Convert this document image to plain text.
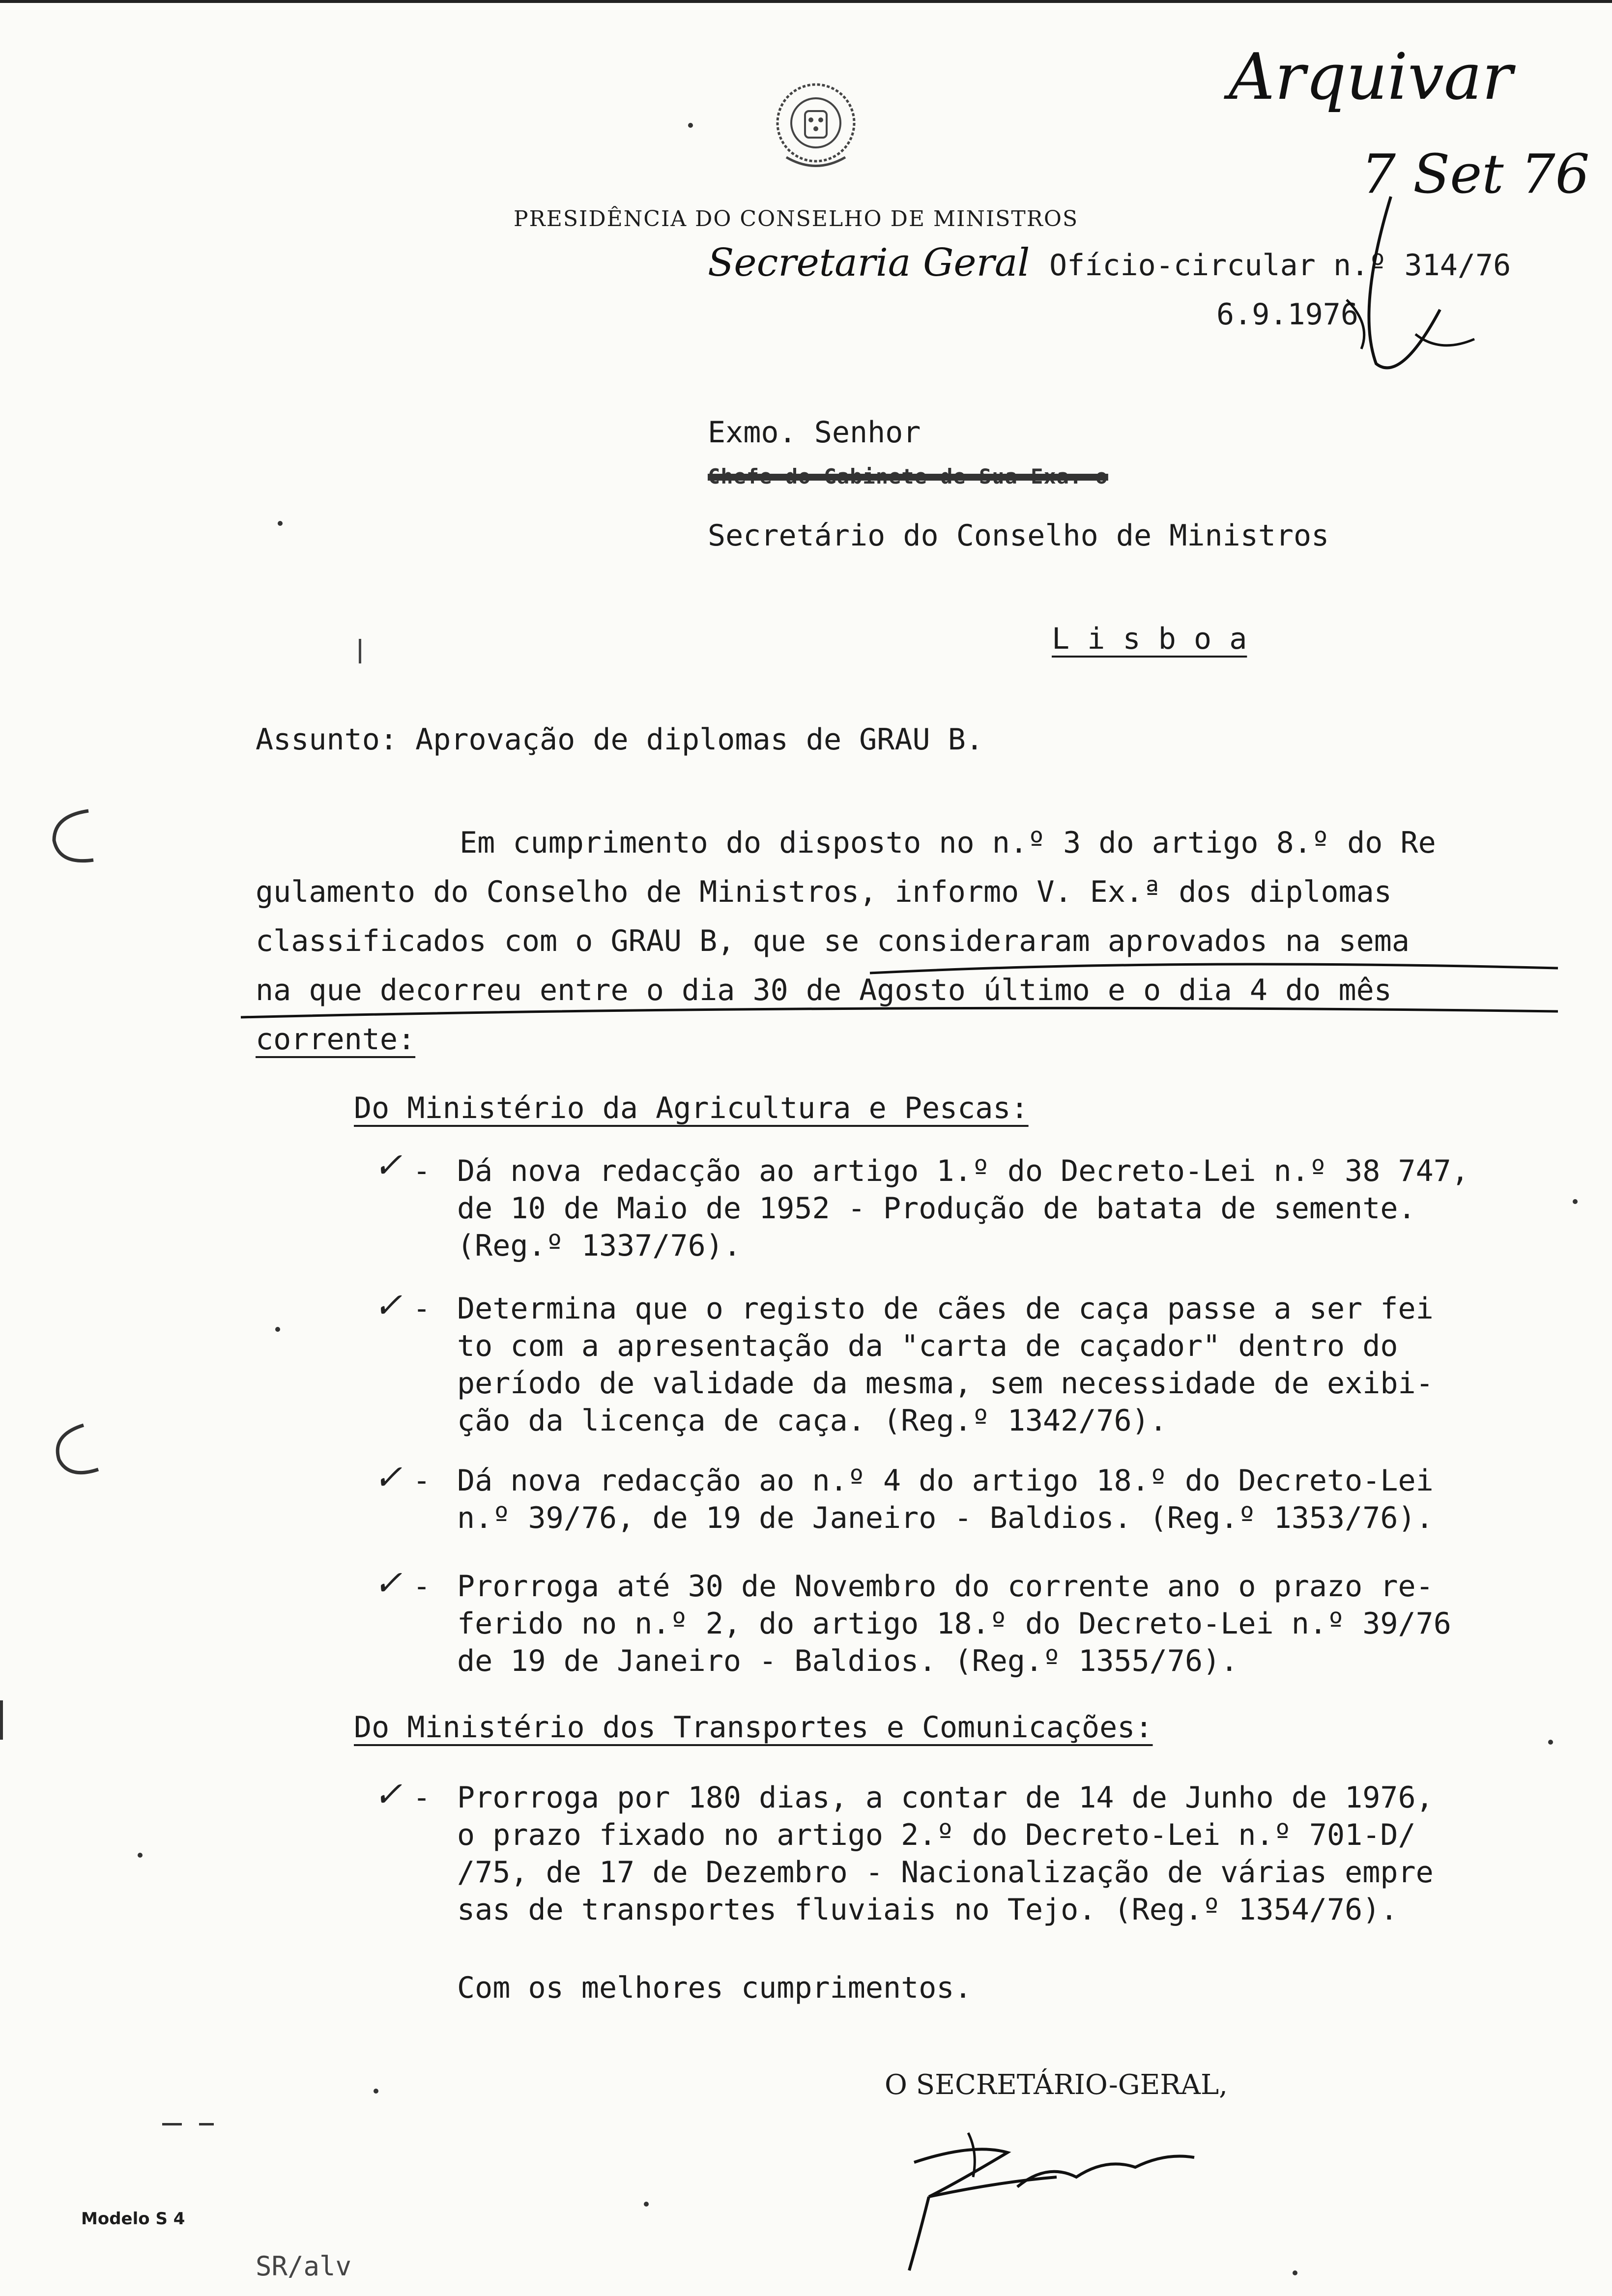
PRESIDÊNCIA DO CONSELHO DE MINISTROS
Secretaria Geral Ofício-circular n.º 314/76
6.9.1976
Arquivar
7 Set 76
Exmo. Senhor
Chefe do Gabinete de Sua Exa. o
Secretário do Conselho de Ministros
L i s b o a
Assunto: Aprovação de diplomas de GRAU B.
Em cumprimento do disposto no n.º 3 do artigo 8.º do Re
gulamento do Conselho de Ministros, informo V. Ex.ª dos diplomas
classificados com o GRAU B, que se consideraram aprovados na sema
na que decorreu entre o dia 30 de Agosto último e o dia 4 do mês
corrente:
Do Ministério da Agricultura e Pescas:
✓ - Dá nova redacção ao artigo 1.º do Decreto-Lei n.º 38 747,
de 10 de Maio de 1952 - Produção de batata de semente.
(Reg.º 1337/76).
✓ - Determina que o registo de cães de caça passe a ser fei
to com a apresentação da "carta de caçador" dentro do
período de validade da mesma, sem necessidade de exibi-
ção da licença de caça. (Reg.º 1342/76).
✓ - Dá nova redacção ao n.º 4 do artigo 18.º do Decreto-Lei
n.º 39/76, de 19 de Janeiro - Baldios. (Reg.º 1353/76).
✓ - Prorroga até 30 de Novembro do corrente ano o prazo re-
ferido no n.º 2, do artigo 18.º do Decreto-Lei n.º 39/76
de 19 de Janeiro - Baldios. (Reg.º 1355/76).
Do Ministério dos Transportes e Comunicações:
✓ - Prorroga por 180 dias, a contar de 14 de Junho de 1976,
o prazo fixado no artigo 2.º do Decreto-Lei n.º 701-D/
/75, de 17 de Dezembro - Nacionalização de várias empre
sas de transportes fluviais no Tejo. (Reg.º 1354/76).
Com os melhores cumprimentos.
O SECRETÁRIO-GERAL,
Modelo S 4
SR/alv
